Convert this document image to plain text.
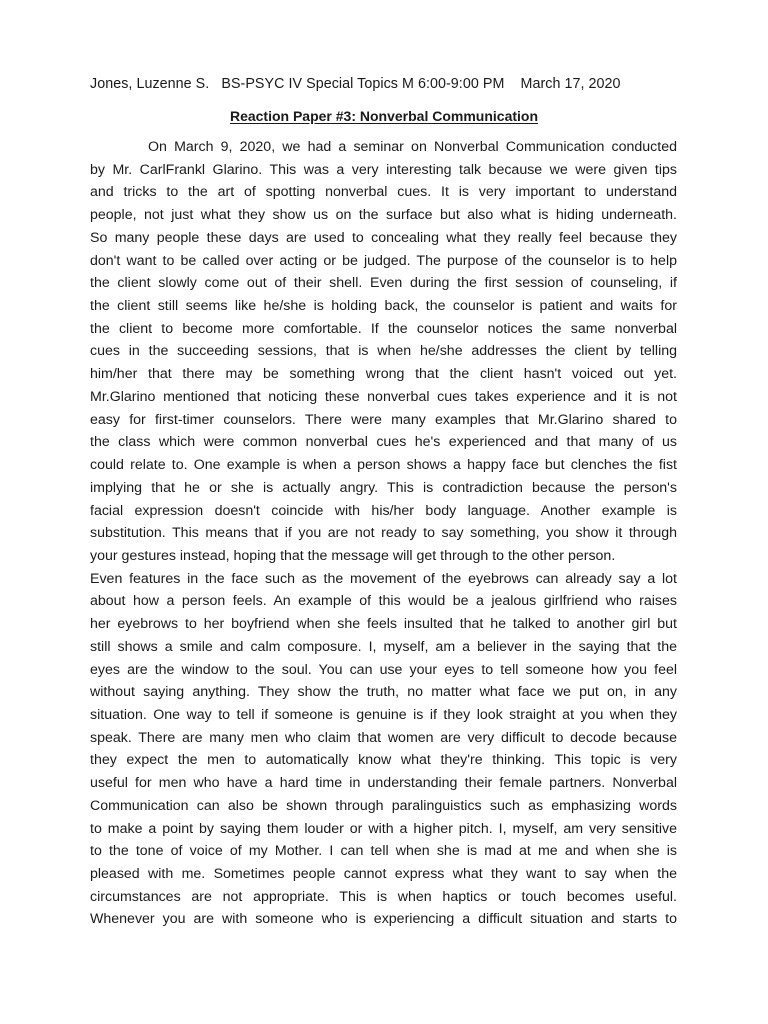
Jones, Luzenne S. BS-PSYC IV Special Topics M 6:00-9:00 PM March 17, 2020
Reaction Paper #3: Nonverbal Communication
On March 9, 2020, we had a seminar on Nonverbal Communication conducted
by Mr. CarlFrankl Glarino. This was a very interesting talk because we were given tips
and tricks to the art of spotting nonverbal cues. It is very important to understand
people, not just what they show us on the surface but also what is hiding underneath.
So many people these days are used to concealing what they really feel because they
don't want to be called over acting or be judged. The purpose of the counselor is to help
the client slowly come out of their shell. Even during the first session of counseling, if
the client still seems like he/she is holding back, the counselor is patient and waits for
the client to become more comfortable. If the counselor notices the same nonverbal
cues in the succeeding sessions, that is when he/she addresses the client by telling
him/her that there may be something wrong that the client hasn't voiced out yet.
Mr.Glarino mentioned that noticing these nonverbal cues takes experience and it is not
easy for first-timer counselors. There were many examples that Mr.Glarino shared to
the class which were common nonverbal cues he's experienced and that many of us
could relate to. One example is when a person shows a happy face but clenches the fist
implying that he or she is actually angry. This is contradiction because the person's
facial expression doesn't coincide with his/her body language. Another example is
substitution. This means that if you are not ready to say something, you show it through
your gestures instead, hoping that the message will get through to the other person.
Even features in the face such as the movement of the eyebrows can already say a lot
about how a person feels. An example of this would be a jealous girlfriend who raises
her eyebrows to her boyfriend when she feels insulted that he talked to another girl but
still shows a smile and calm composure. I, myself, am a believer in the saying that the
eyes are the window to the soul. You can use your eyes to tell someone how you feel
without saying anything. They show the truth, no matter what face we put on, in any
situation. One way to tell if someone is genuine is if they look straight at you when they
speak. There are many men who claim that women are very difficult to decode because
they expect the men to automatically know what they're thinking. This topic is very
useful for men who have a hard time in understanding their female partners. Nonverbal
Communication can also be shown through paralinguistics such as emphasizing words
to make a point by saying them louder or with a higher pitch. I, myself, am very sensitive
to the tone of voice of my Mother. I can tell when she is mad at me and when she is
pleased with me. Sometimes people cannot express what they want to say when the
circumstances are not appropriate. This is when haptics or touch becomes useful.
Whenever you are with someone who is experiencing a difficult situation and starts to
